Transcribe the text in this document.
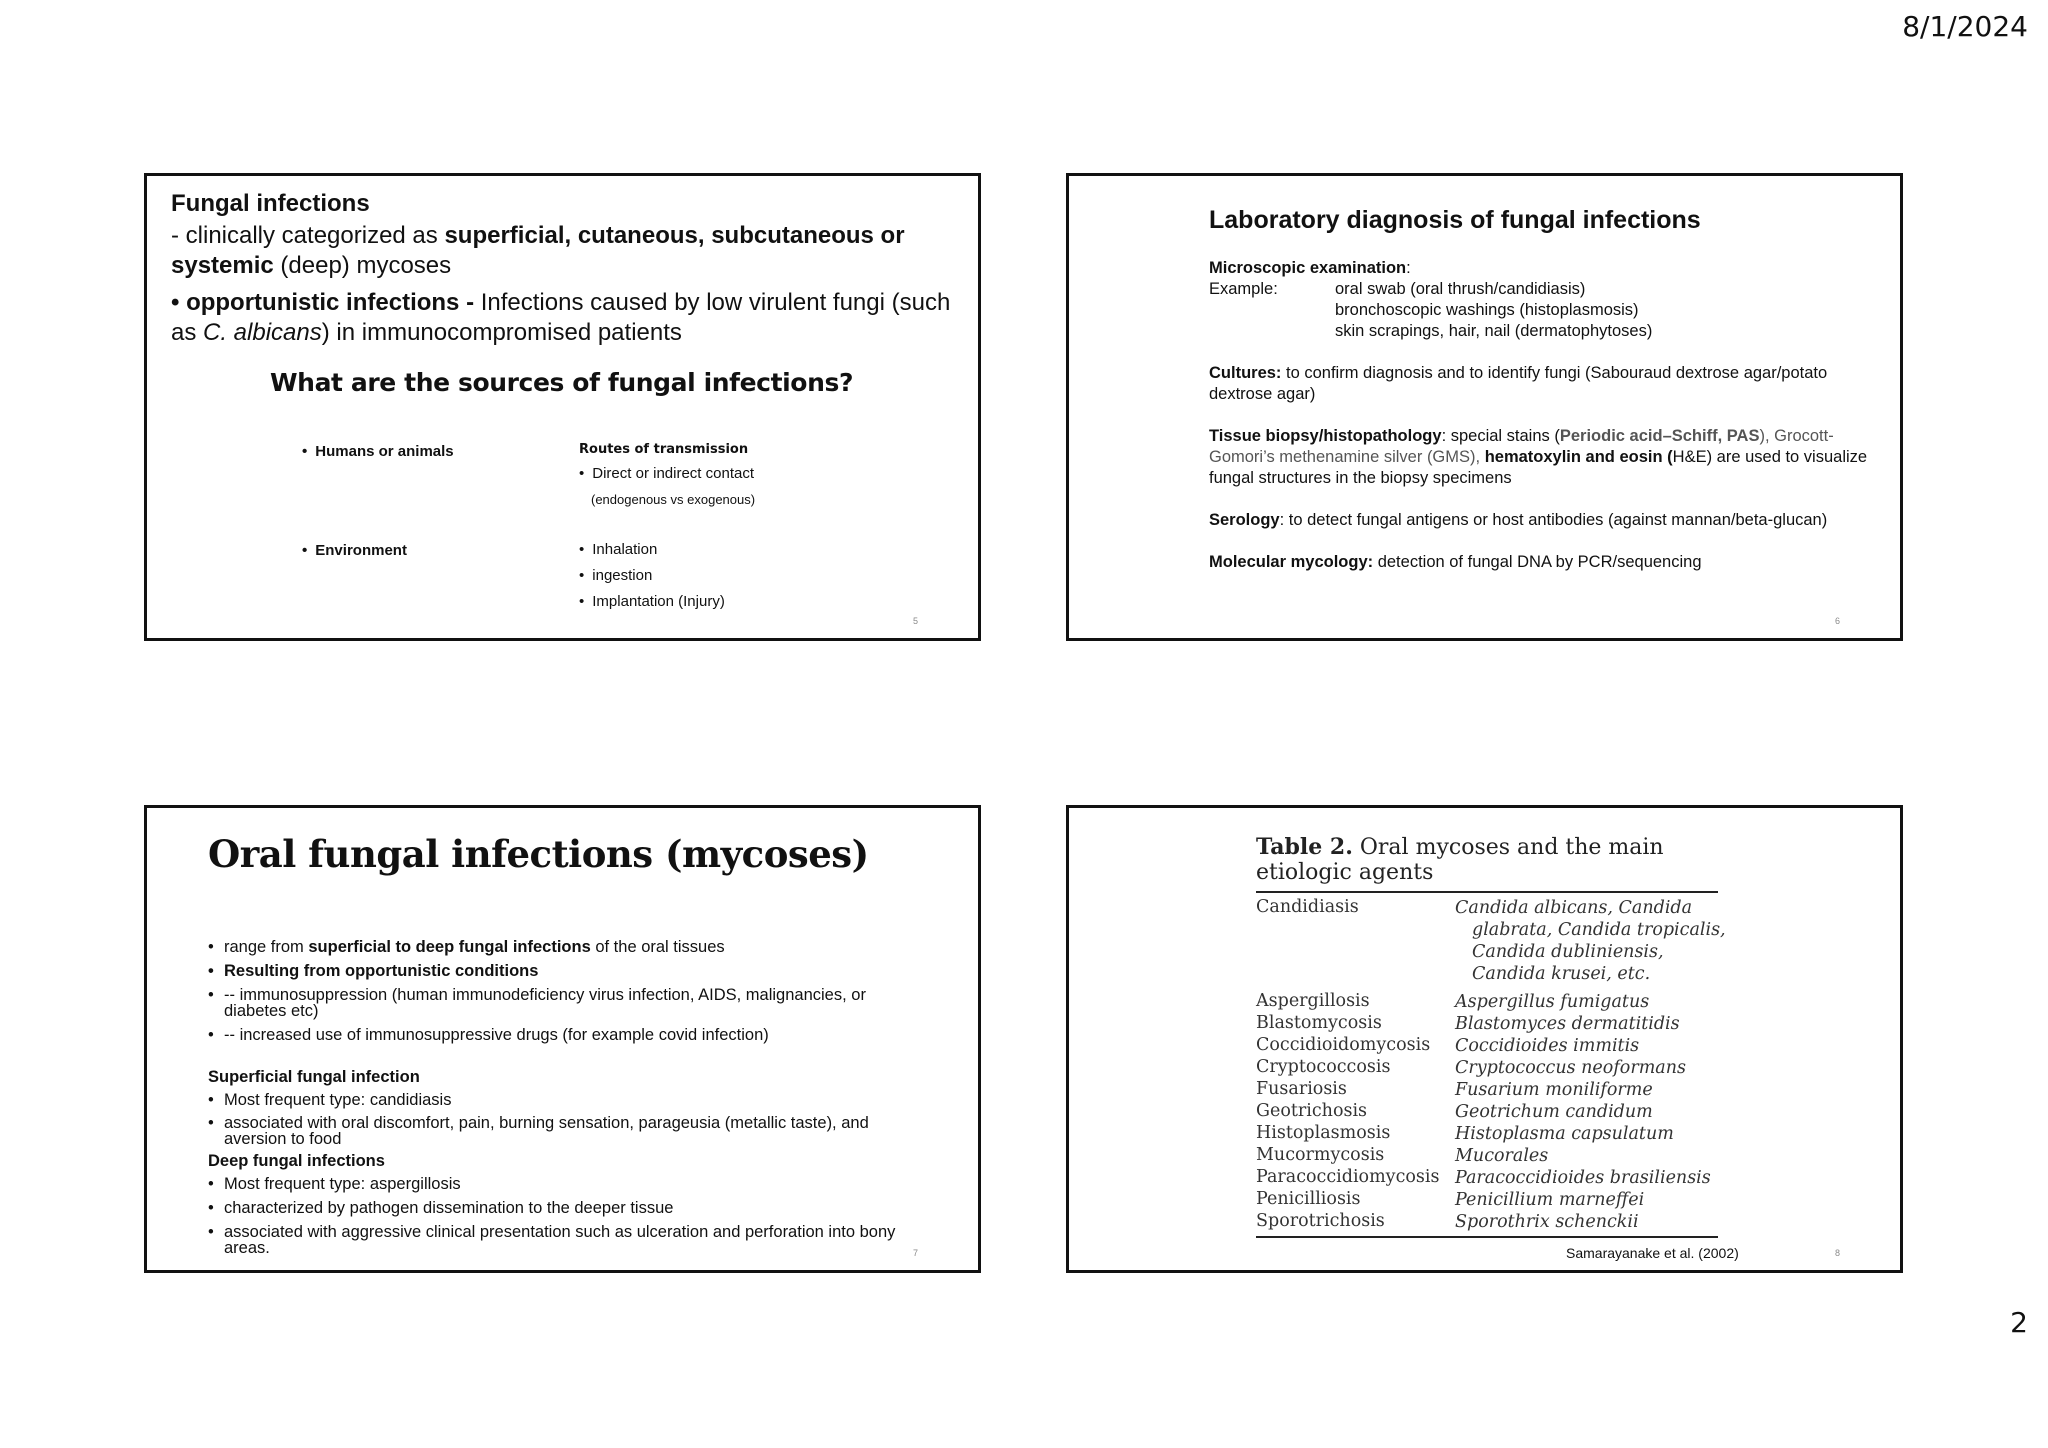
8/1/2024
Fungal infections
- clinically categorized as superficial, cutaneous, subcutaneous or systemic (deep) mycoses
• opportunistic infections - Infections caused by low virulent fungi (such as C. albicans) in immunocompromised patients
What are the sources of fungal infections?
• Humans or animals
• Environment
Routes of transmission
• Direct or indirect contact
(endogenous vs exogenous)
• Inhalation
• ingestion
• Implantation (Injury)
5
Laboratory diagnosis of fungal infections
Microscopic examination:
Example:	oral swab (oral thrush/candidiasis)
bronchoscopic washings (histoplasmosis)
skin scrapings, hair, nail (dermatophytoses)
Cultures: to confirm diagnosis and to identify fungi (Sabouraud dextrose agar/potato dextrose agar)
Tissue biopsy/histopathology: special stains (Periodic acid–Schiff, PAS), Grocott-Gomori’s methenamine silver (GMS), hematoxylin and eosin (H&E) are used to visualize fungal structures in the biopsy specimens
Serology: to detect fungal antigens or host antibodies (against mannan/beta-glucan)
Molecular mycology: detection of fungal DNA by PCR/sequencing
6
Oral fungal infections (mycoses)
• range from superficial to deep fungal infections of the oral tissues
• Resulting from opportunistic conditions
• -- immunosuppression (human immunodeficiency virus infection, AIDS, malignancies, or diabetes etc)
• -- increased use of immunosuppressive drugs (for example covid infection)
Superficial fungal infection
• Most frequent type: candidiasis
• associated with oral discomfort, pain, burning sensation, parageusia (metallic taste), and aversion to food
Deep fungal infections
• Most frequent type: aspergillosis
• characterized by pathogen dissemination to the deeper tissue
• associated with aggressive clinical presentation such as ulceration and perforation into bony areas.	7
Table 2. Oral mycoses and the main etiologic agents
Candidiasis	Candida albicans, Candida glabrata, Candida tropicalis, Candida dubliniensis, Candida krusei, etc.
Aspergillosis	Aspergillus fumigatus
Blastomycosis	Blastomyces dermatitidis
Coccidioidomycosis Coccidioides immitis
Cryptococcosis	Cryptococcus neoformans
Fusariosis	Fusarium moniliforme
Geotrichosis	Geotrichum candidum
Histoplasmosis	Histoplasma capsulatum
Mucormycosis	Mucorales
Paracoccidiomycosis Paracoccidioides brasiliensis
Penicilliosis	Penicillium marneffei
Sporotrichosis	Sporothrix schenckii
Samarayanake et al. (2002)	8
2
